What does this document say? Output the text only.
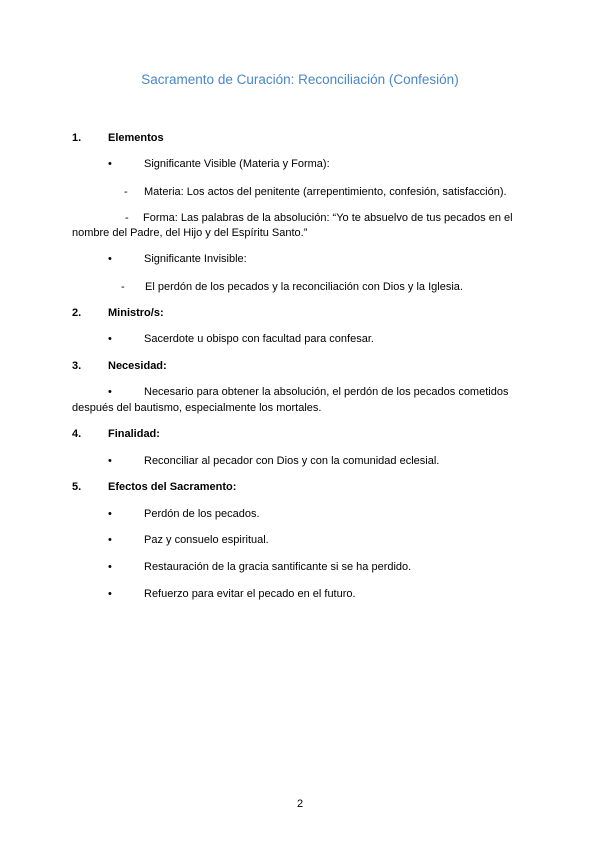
Sacramento de Curación: Reconciliación (Confesión)
1. Elementos
•	Significante Visible (Materia y Forma):
- Materia: Los actos del penitente (arrepentimiento, confesión, satisfacción).
- Forma: Las palabras de la absolución: “Yo te absuelvo de tus pecados en el
nombre del Padre, del Hijo y del Espíritu Santo.”
•	Significante Invisible:
- El perdón de los pecados y la reconciliación con Dios y la Iglesia.
2. Ministro/s:
•	Sacerdote u obispo con facultad para confesar.
3. Necesidad:
•	Necesario para obtener la absolución, el perdón de los pecados cometidos
después del bautismo, especialmente los mortales.
4. Finalidad:
•	Reconciliar al pecador con Dios y con la comunidad eclesial.
5. Efectos del Sacramento:
•	Perdón de los pecados.
•	Paz y consuelo espiritual.
•	Restauración de la gracia santificante si se ha perdido.
•	Refuerzo para evitar el pecado en el futuro.
2
